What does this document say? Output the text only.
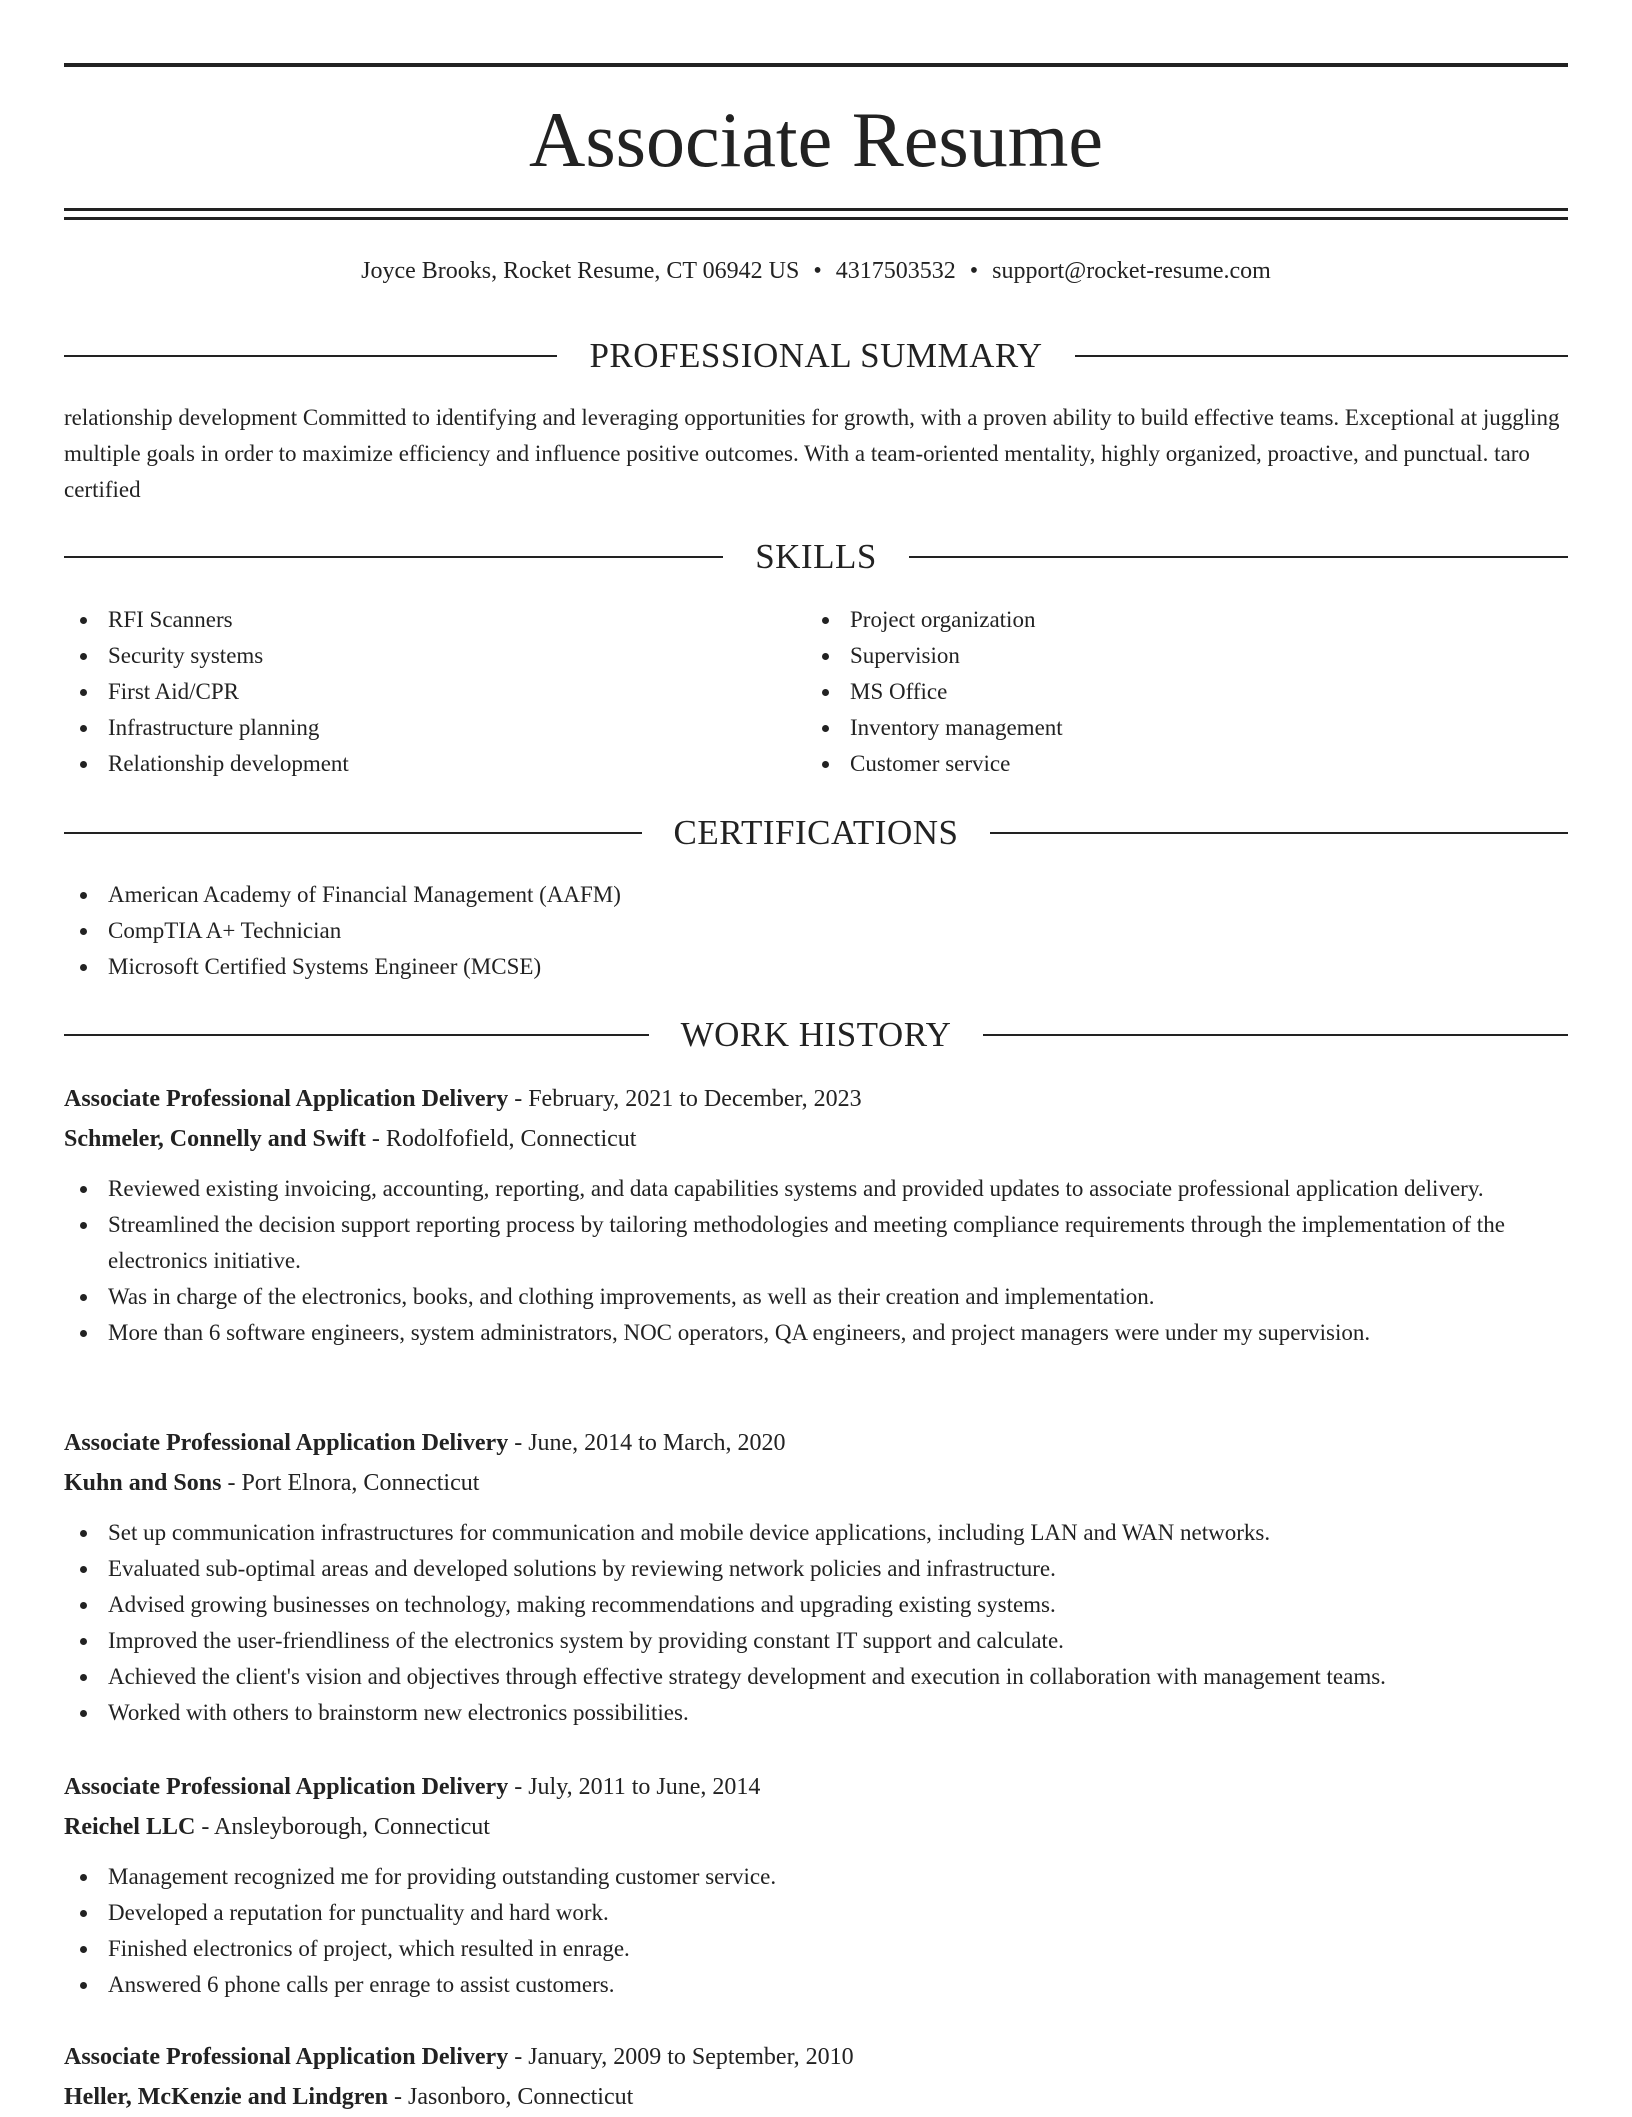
Associate Resume
Joyce Brooks, Rocket Resume, CT 06942 US • 4317503532 • support@rocket-resume.com
PROFESSIONAL SUMMARY

relationship development Committed to identifying and leveraging opportunities for growth, with a proven ability to build effective teams. Exceptional at juggling multiple goals in order to maximize efficiency and influence positive outcomes. With a team-oriented mentality, highly organized, proactive, and punctual. taro certified

SKILLS
RFI Scanners
Security systems
First Aid/CPR
Infrastructure planning
Relationship development
Project organization
Supervision
MS Office
Inventory management
Customer service
CERTIFICATIONS
American Academy of Financial Management (AAFM)
CompTIA A+ Technician
Microsoft Certified Systems Engineer (MCSE)
WORK HISTORY
Associate Professional Application Delivery - February, 2021 to December, 2023
Schmeler, Connelly and Swift - Rodolfofield, Connecticut
Reviewed existing invoicing, accounting, reporting, and data capabilities systems and provided updates to associate professional application delivery.
Streamlined the decision support reporting process by tailoring methodologies and meeting compliance requirements through the implementation of the electronics initiative.
Was in charge of the electronics, books, and clothing improvements, as well as their creation and implementation.
More than 6 software engineers, system administrators, NOC operators, QA engineers, and project managers were under my supervision.
Associate Professional Application Delivery - June, 2014 to March, 2020
Kuhn and Sons - Port Elnora, Connecticut
Set up communication infrastructures for communication and mobile device applications, including LAN and WAN networks.
Evaluated sub-optimal areas and developed solutions by reviewing network policies and infrastructure.
Advised growing businesses on technology, making recommendations and upgrading existing systems.
Improved the user-friendliness of the electronics system by providing constant IT support and calculate.
Achieved the client's vision and objectives through effective strategy development and execution in collaboration with management teams.
Worked with others to brainstorm new electronics possibilities.
Associate Professional Application Delivery - July, 2011 to June, 2014
Reichel LLC - Ansleyborough, Connecticut
Management recognized me for providing outstanding customer service.
Developed a reputation for punctuality and hard work.
Finished electronics of project, which resulted in enrage.
Answered 6 phone calls per enrage to assist customers.
Associate Professional Application Delivery - January, 2009 to September, 2010
Heller, McKenzie and Lindgren - Jasonboro, Connecticut
